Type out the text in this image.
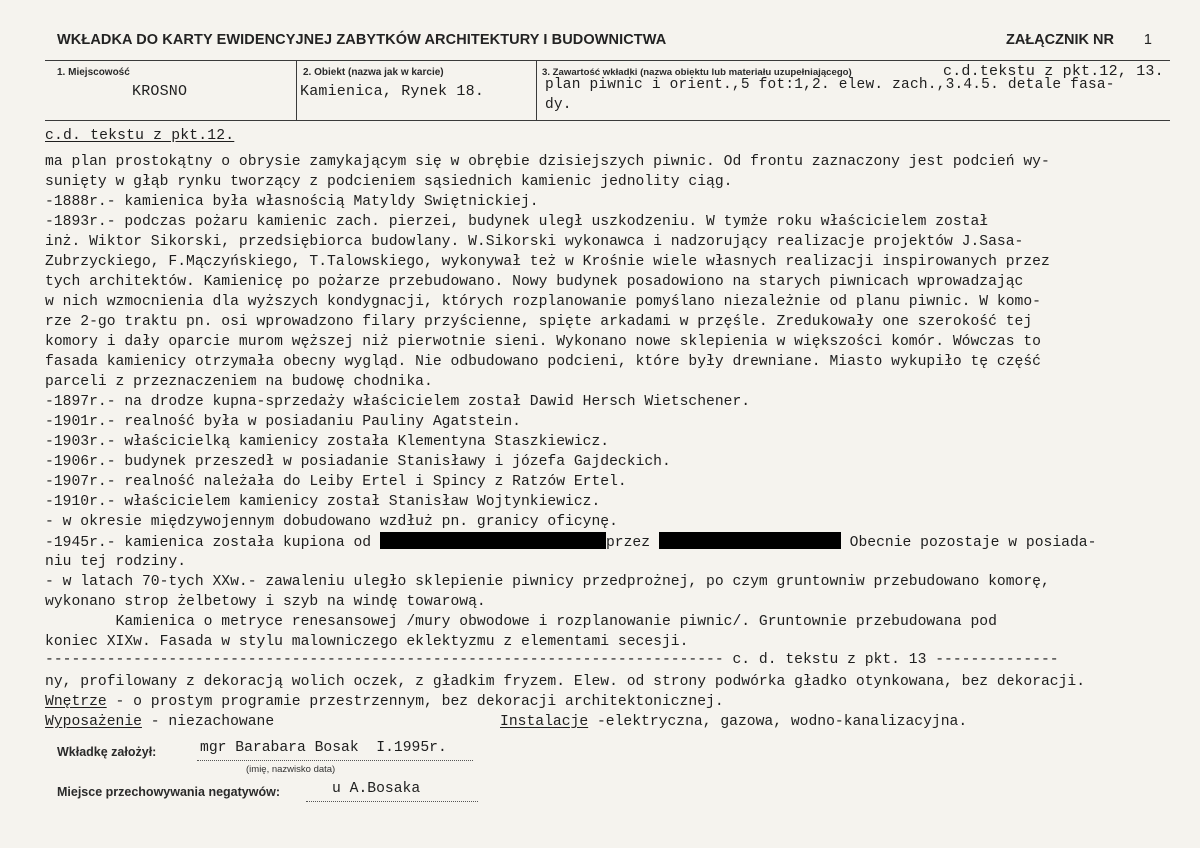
WKŁADKA DO KARTY EWIDENCYJNEJ ZABYTKÓW ARCHITEKTURY I BUDOWNICTWA	ZAŁĄCZNIK NR 1
1. Miejscowość
KROSNO
2. Obiekt (nazwa jak w karcie)
Kamienica, Rynek 18.
3. Zawartość wkładki (nazwa obiektu lub materiału uzupełniającego)	c.d.tekstu z pkt.12, 13.
plan piwnic i orient.,5 fot:1,2. elew. zach.,3.4.5. detale fasa-
dy.
c.d. tekstu z pkt.12.
ma plan prostokątny o obrysie zamykającym się w obrębie dzisiejszych piwnic. Od frontu zaznaczony jest podcień wy-
sunięty w głąb rynku tworzący z podcieniem sąsiednich kamienic jednolity ciąg.
-1888r.- kamienica była własnością Matyldy Swiętnickiej.
-1893r.- podczas pożaru kamienic zach. pierzei, budynek uległ uszkodzeniu. W tymże roku właścicielem został
inż. Wiktor Sikorski, przedsiębiorca budowlany. W.Sikorski wykonawca i nadzorujący realizacje projektów J.Sasa-
Zubrzyckiego, F.Mączyńskiego, T.Talowskiego, wykonywał też w Krośnie wiele własnych realizacji inspirowanych przez
tych architektów. Kamienicę po pożarze przebudowano. Nowy budynek posadowiono na starych piwnicach wprowadzając
w nich wzmocnienia dla wyższych kondygnacji, których rozplanowanie pomyślano niezależnie od planu piwnic. W komo-
rze 2-go traktu pn. osi wprowadzono filary przyścienne, spięte arkadami w przęśle. Zredukowały one szerokość tej
komory i dały oparcie murom węższej niż pierwotnie sieni. Wykonano nowe sklepienia w większości komór. Wówczas to
fasada kamienicy otrzymała obecny wygląd. Nie odbudowano podcieni, które były drewniane. Miasto wykupiło tę część
parceli z przeznaczeniem na budowę chodnika.
-1897r.- na drodze kupna-sprzedaży właścicielem został Dawid Hersch Wietschener.
-1901r.- realność była w posiadaniu Pauliny Agatstein.
-1903r.- właścicielką kamienicy została Klementyna Staszkiewicz.
-1906r.- budynek przeszedł w posiadanie Stanisławy i józefa Gajdeckich.
-1907r.- realność należała do Leiby Ertel i Spincy z Ratzów Ertel.
-1910r.- właścicielem kamienicy został Stanisław Wojtynkiewicz.
- w okresie międzywojennym dobudowano wzdłuż pn. granicy oficynę.
-1945r.- kamienica została kupiona od	przez	Obecnie pozostaje w posiada-
niu tej rodziny.
- w latach 70-tych XXw.- zawaleniu uległo sklepienie piwnicy przedprożnej, po czym gruntowniw przebudowano komorę,
wykonano strop żelbetowy i szyb na windę towarową.
Kamienica o metryce renesansowej /mury obwodowe i rozplanowanie piwnic/. Gruntownie przebudowana pod
koniec XIXw. Fasada w stylu malowniczego eklektyzmu z elementami secesji.
----------------------------------------------------------------------------- c. d. tekstu z pkt. 13 --------------
ny, profilowany z dekoracją wolich oczek, z gładkim fryzem. Elew. od strony podwórka gładko otynkowana, bez dekoracji.
Wnętrze - o prostym programie przestrzennym, bez dekoracji architektonicznej.
Wyposażenie - niezachowane	Instalacje -elektryczna, gazowa, wodno-kanalizacyjna.
Wkładkę założył:	mgr Barabara Bosak  I.1995r.
(imię, nazwisko data)
Miejsce przechowywania negatywów:	u A.Bosaka
